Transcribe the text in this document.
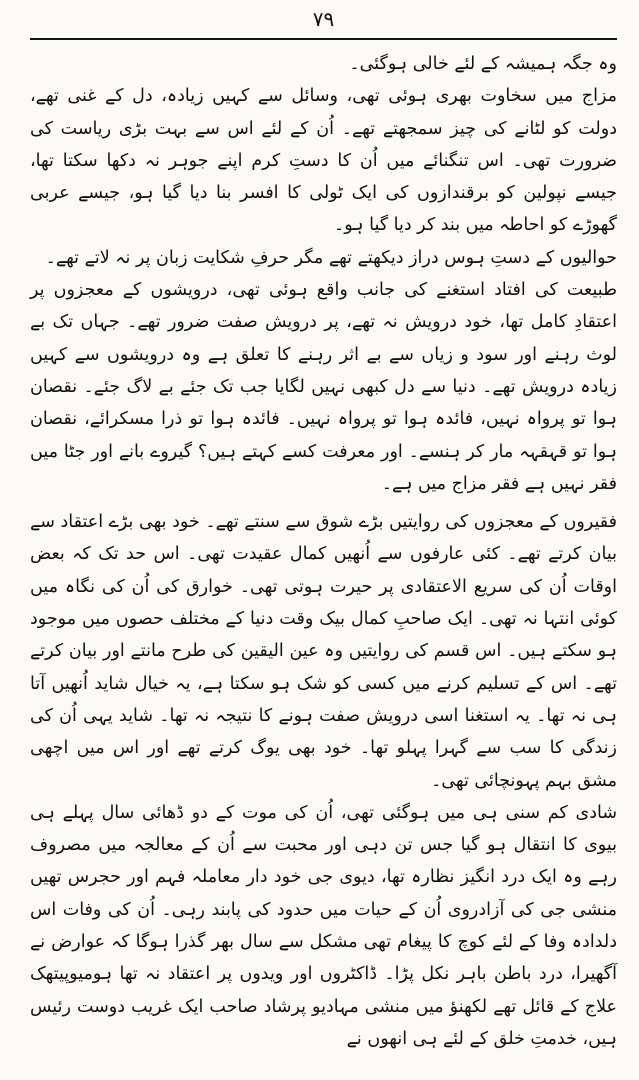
۷۹

وہ جگہ ہمیشہ کے لئے خالی ہوگئی۔

مزاج میں سخاوت بھری ہوئی تھی، وسائل سے کہیں زیادہ، دل کے غنی تھے، دولت کو لٹانے کی چیز سمجھتے تھے۔ اُن کے لئے اس سے بہت بڑی ریاست کی ضرورت تھی۔ اس تنگنائے میں اُن کا دستِ کرم اپنے جوہر نہ دکھا سکتا تھا، جیسے نپولین کو برقندازوں کی ایک ٹولی کا افسر بنا دیا گیا ہو، جیسے عربی گھوڑے کو احاطہ میں بند کر دیا گیا ہو۔

حوالیوں کے دستِ ہوس دراز دیکھتے تھے مگر حرفِ شکایت زبان پر نہ لاتے تھے۔

طبیعت کی افتاد استغنے کی جانب واقع ہوئی تھی، درویشوں کے معجزوں پر اعتقادِ کامل تھا، خود درویش نہ تھے، پر درویش صفت ضرور تھے۔ جہاں تک بے لوث رہنے اور سود و زیاں سے بے اثر رہنے کا تعلق ہے وہ درویشوں سے کہیں زیادہ درویش تھے۔ دنیا سے دل کبھی نہیں لگایا جب تک جئے بے لاگ جئے۔ نقصان ہوا تو پرواہ نہیں، فائدہ ہوا تو پرواہ نہیں۔ فائدہ ہوا تو ذرا مسکرائے، نقصان ہوا تو قہقہہ مار کر ہنسے۔ اور معرفت کسے کہتے ہیں؟ گیروے بانے اور جٹا میں فقر نہیں ہے فقر مزاج میں ہے۔

فقیروں کے معجزوں کی روایتیں بڑے شوق سے سنتے تھے۔ خود بھی بڑے اعتقاد سے بیان کرتے تھے۔ کئی عارفوں سے اُنھیں کمال عقیدت تھی۔ اس حد تک کہ بعض اوقات اُن کی سریع الاعتقادی پر حیرت ہوتی تھی۔ خوارق کی اُن کی نگاہ میں کوئی انتہا نہ تھی۔ ایک صاحبِ کمال بیک وقت دنیا کے مختلف حصوں میں موجود ہو سکتے ہیں۔ اس قسم کی روایتیں وہ عین الیقین کی طرح مانتے اور بیان کرتے تھے۔ اس کے تسلیم کرنے میں کسی کو شک ہو سکتا ہے، یہ خیال شاید اُنھیں آتا ہی نہ تھا۔ یہ استغنا اسی درویش صفت ہونے کا نتیجہ نہ تھا۔ شاید یہی اُن کی زندگی کا سب سے گہرا پہلو تھا۔ خود بھی یوگ کرتے تھے اور اس میں اچھی مشق بہم پہونچائی تھی۔

شادی کم سنی ہی میں ہوگئی تھی، اُن کی موت کے دو ڈھائی سال پہلے ہی بیوی کا انتقال ہو گیا جس تن دہی اور محبت سے اُن کے معالجہ میں مصروف رہے وہ ایک درد انگیز نظارہ تھا، دیوی جی خود دار معاملہ فہم اور حجرس تھیں منشی جی کی آزادروی اُن کے حیات میں حدود کی پابند رہی۔ اُن کی وفات اس دلدادہ وفا کے لئے کوچ کا پیغام تھی مشکل سے سال بھر گذرا ہوگا کہ عوارض نے آگھیرا، درد باطن باہر نکل پڑا۔ ڈاکٹروں اور ویدوں پر اعتقاد نہ تھا ہومیوپیتھک علاج کے قائل تھے لکھنؤ میں منشی مہادیو پرشاد صاحب ایک غریب دوست رئیس ہیں، خدمتِ خلق کے لئے ہی انھوں نے
